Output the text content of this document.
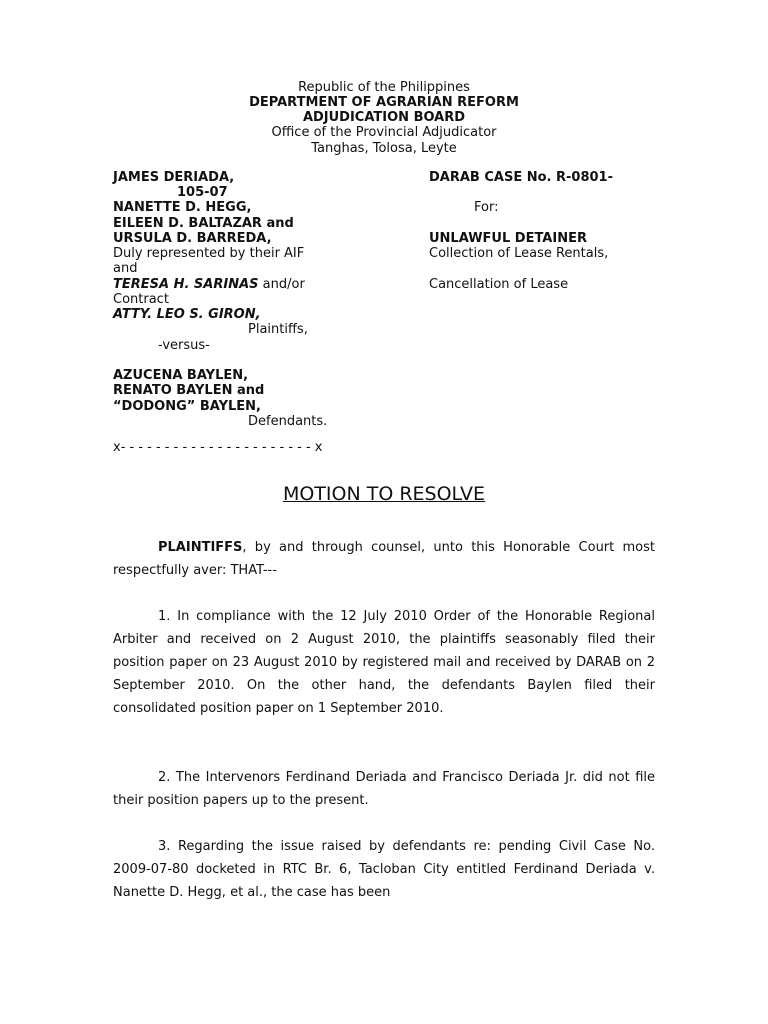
Republic of the Philippines
DEPARTMENT OF AGRARIAN REFORM
ADJUDICATION BOARD
Office of the Provincial Adjudicator
Tanghas, Tolosa, Leyte
JAMES DERIADA,
105-07
NANETTE D. HEGG,
EILEEN D. BALTAZAR and
URSULA D. BARREDA,
Duly represented by their AIF
and
TERESA H. SARINAS and/or
Contract
ATTY. LEO S. GIRON,
Plaintiffs,
-versus-
AZUCENA BAYLEN,
RENATO BAYLEN and
“DODONG” BAYLEN,
Defendants.
DARAB CASE No. R-0801-
For:
UNLAWFUL DETAINER
Collection of Lease Rentals,
Cancellation of Lease
x- - - - - - - - - - - - - - - - - - - - - - x
MOTION TO RESOLVE
PLAINTIFFS, by and through counsel, unto this Honorable Court most respectfully aver: THAT---
1. In compliance with the 12 July 2010 Order of the Honorable Regional Arbiter and received on 2 August 2010, the plaintiffs seasonably filed their position paper on 23 August 2010 by registered mail and received by DARAB on 2 September 2010. On the other hand, the defendants Baylen filed their consolidated position paper on 1 September 2010.
2. The Intervenors Ferdinand Deriada and Francisco Deriada Jr. did not file their position papers up to the present.
3. Regarding the issue raised by defendants re: pending Civil Case No. 2009-07-80 docketed in RTC Br. 6, Tacloban City entitled Ferdinand Deriada v. Nanette D. Hegg, et al., the case has been
